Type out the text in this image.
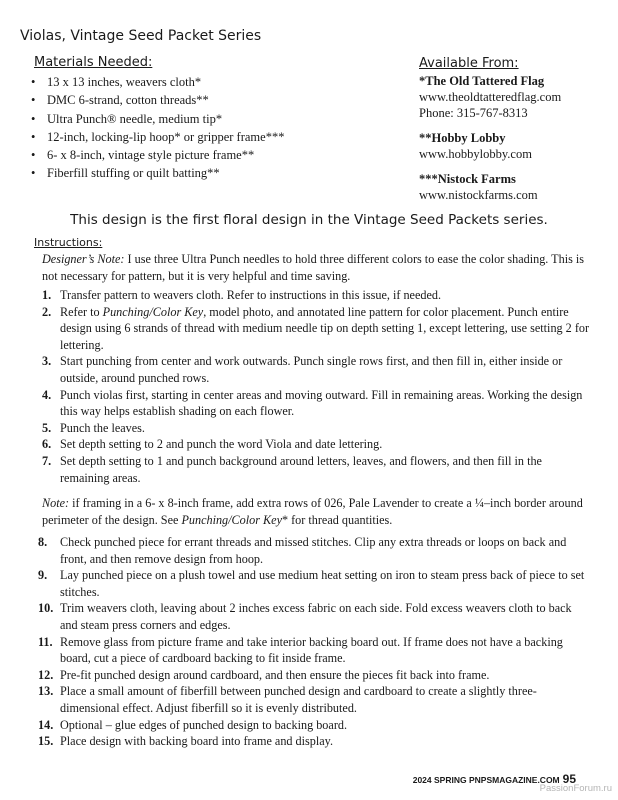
Violas, Vintage Seed Packet Series
Materials Needed:
• 13 x 13 inches, weavers cloth*
• DMC 6-strand, cotton threads**
• Ultra Punch® needle, medium tip*
• 12-inch, locking-lip hoop* or gripper frame***
• 6- x 8-inch, vintage style picture frame**
• Fiberfill stuffing or quilt batting**
Available From:
*The Old Tattered Flag
www.theoldtatteredflag.com
Phone: 315-767-8313
**Hobby Lobby
www.hobbylobby.com
***Nistock Farms
www.nistockfarms.com
This design is the first floral design in the Vintage Seed Packets series.
Instructions:

Designer’s Note: I use three Ultra Punch needles to hold three different colors to ease the color shading. This is not necessary for pattern, but it is very helpful and time saving.

1. Transfer pattern to weavers cloth. Refer to instructions in this issue, if needed.
2. Refer to Punching/Color Key, model photo, and annotated line pattern for color placement. Punch entire design using 6 strands of thread with medium needle tip on depth setting 1, except lettering, use setting 2 for lettering.
3. Start punching from center and work outwards. Punch single rows first, and then fill in, either inside or outside, around punched rows.
4. Punch violas first, starting in center areas and moving outward. Fill in remaining areas. Working the design this way helps establish shading on each flower.
5. Punch the leaves.
6. Set depth setting to 2 and punch the word Viola and date lettering.
7. Set depth setting to 1 and punch background around letters, leaves, and flowers, and then fill in the remaining areas.

Note: if framing in a 6- x 8-inch frame, add extra rows of 026, Pale Lavender to create a ¼–inch border around perimeter of the design. See Punching/Color Key* for thread quantities.

8. Check punched piece for errant threads and missed stitches. Clip any extra threads or loops on back and front, and then remove design from hoop.
9. Lay punched piece on a plush towel and use medium heat setting on iron to steam press back of piece to set stitches.
10. Trim weavers cloth, leaving about 2 inches excess fabric on each side. Fold excess weavers cloth to back and steam press corners and edges.
11. Remove glass from picture frame and take interior backing board out. If frame does not have a backing board, cut a piece of cardboard backing to fit inside frame.
12. Pre-fit punched design around cardboard, and then ensure the pieces fit back into frame.
13. Place a small amount of fiberfill between punched design and cardboard to create a slightly three-dimensional effect. Adjust fiberfill so it is evenly distributed.
14. Optional – glue edges of punched design to backing board.
15. Place design with backing board into frame and display.
2024 SPRING PNPSMAGAZINE.COM 95
PassionForum.ru
